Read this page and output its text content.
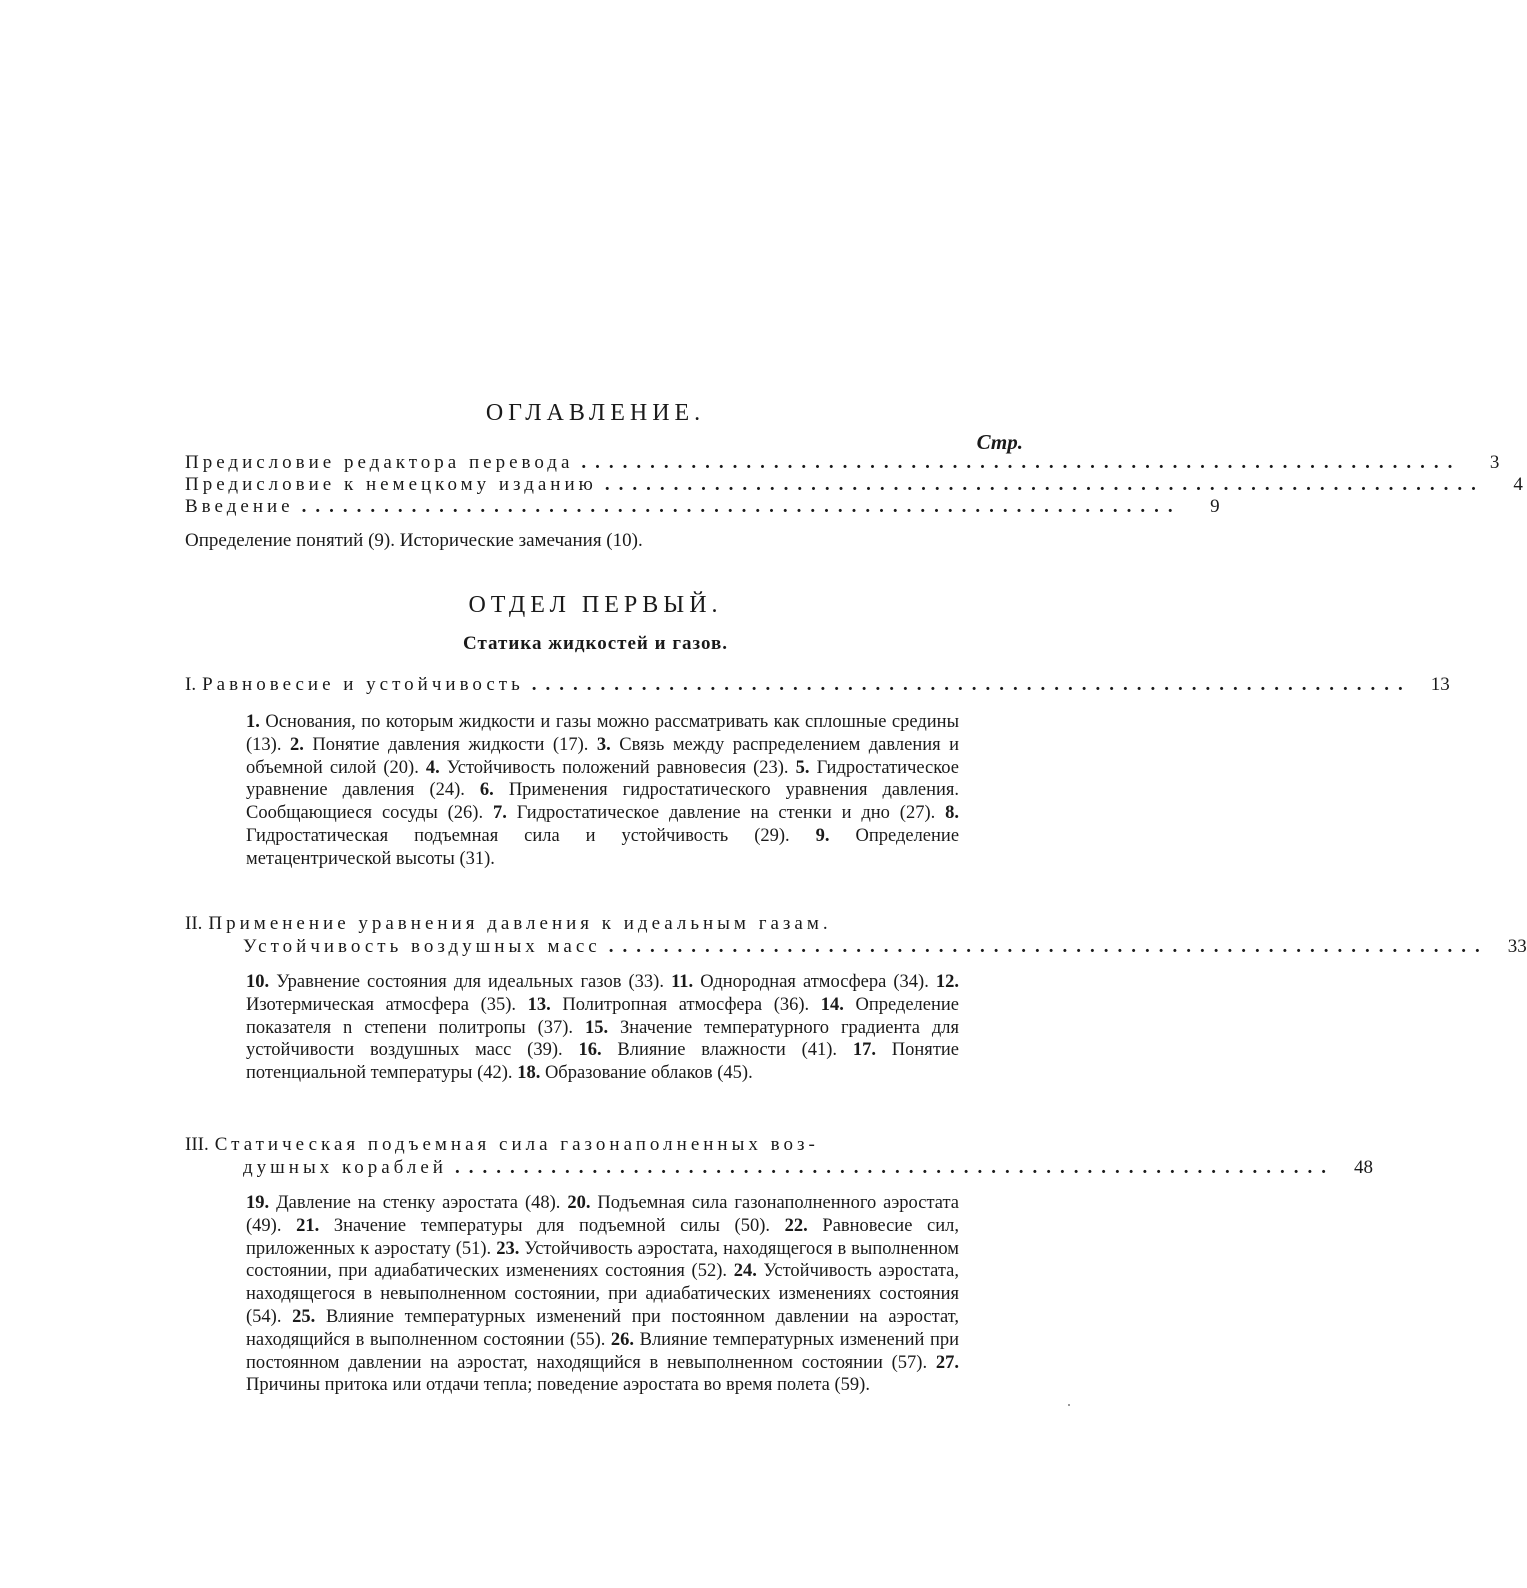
ОГЛАВЛЕНИЕ.
Стр.
Предисловие редактора перевода ................................................................	3
Предисловие к немецкому изданию ................................................................	4
Введение ................................................................	9
Определение понятий (9). Исторические замечания (10).
ОТДЕЛ ПЕРВЫЙ.
Статика жидкостей и газов.
I. Равновесие и устойчивость ................................................................	13
1. Основания, по которым жидкости и газы можно рассматривать как сплошные средины (13). 2. Понятие давления жидкости (17). 3. Связь между распределением давления и объемной силой (20). 4. Устойчивость положений равновесия (23). 5. Гидростатическое уравнение давления (24). 6. Применения гидростатического уравнения давления. Сообщающиеся сосуды (26). 7. Гидростатическое давление на стенки и дно (27). 8. Гидростатическая подъемная сила и устойчивость (29). 9. Определение метацентрической высоты (31).
II. Применение уравнения давления к идеальным газам.
Устойчивость воздушных масс ................................................................	33
10. Уравнение состояния для идеальных газов (33). 11. Однородная атмосфера (34). 12. Изотермическая атмосфера (35). 13. Политропная атмосфера (36). 14. Определение показателя n степени политропы (37). 15. Значение температурного градиента для устойчивости воздушных масс (39). 16. Влияние влажности (41). 17. Понятие потенциальной температуры (42). 18. Образование облаков (45).
III. Статическая подъемная сила газонаполненных воз-
душных кораблей ................................................................	48
19. Давление на стенку аэростата (48). 20. Подъемная сила газонаполненного аэростата (49). 21. Значение температуры для подъемной силы (50). 22. Равновесие сил, приложенных к аэростату (51). 23. Устойчивость аэростата, находящегося в выполненном состоянии, при адиабатических изменениях состояния (52). 24. Устойчивость аэростата, находящегося в невыполненном состоянии, при адиабатических изменениях состояния (54). 25. Влияние температурных изменений при постоянном давлении на аэростат, находящийся в выполненном состоянии (55). 26. Влияние температурных изменений при постоянном давлении на аэростат, находящийся в невыполненном состоянии (57). 27. Причины притока или отдачи тепла; поведение аэростата во время полета (59).
